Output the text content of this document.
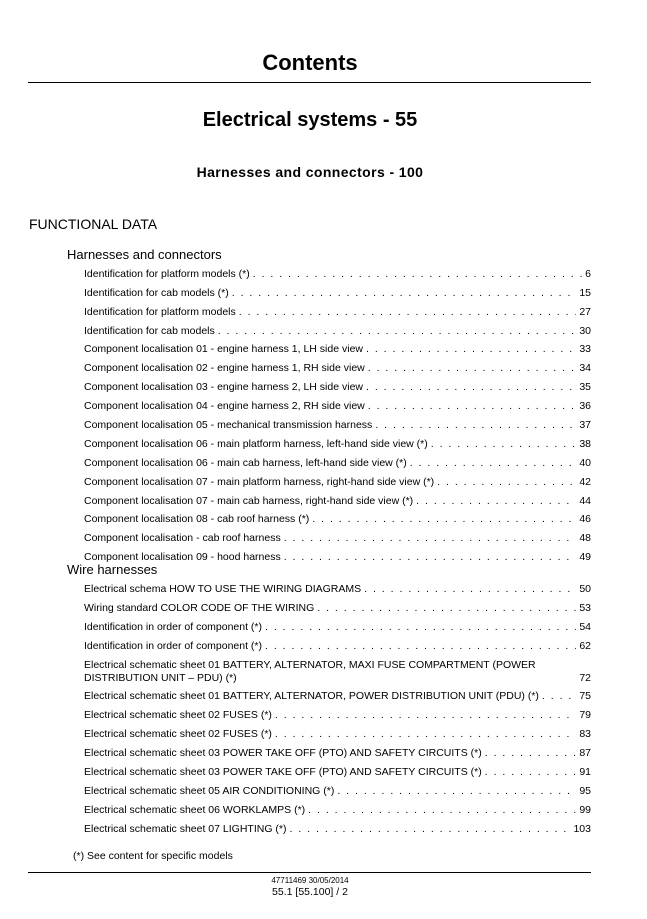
Contents
Electrical systems - 55
Harnesses and connectors - 100
FUNCTIONAL DATA
Harnesses and connectors
Identification for platform models (*) . . .	6
Identification for cab models (*) . . .	15
Identification for platform models . . .	27
Identification for cab models . . .	30
Component localisation 01 - engine harness 1, LH side view . . .	33
Component localisation 02 - engine harness 1, RH side view . . .	34
Component localisation 03 - engine harness 2, LH side view . . .	35
Component localisation 04 - engine harness 2, RH side view . . .	36
Component localisation 05 - mechanical transmission harness . . .	37
Component localisation 06 - main platform harness, left-hand side view (*) . . .	38
Component localisation 06 - main cab harness, left-hand side view (*) . . .	40
Component localisation 07 - main platform harness, right-hand side view (*) . . .	42
Component localisation 07 - main cab harness, right-hand side view (*) . . .	44
Component localisation 08 - cab roof harness (*) . . .	46
Component localisation - cab roof harness . . .	48
Component localisation 09 - hood harness . . .	49
Wire harnesses
Electrical schema HOW TO USE THE WIRING DIAGRAMS . . .	50
Wiring standard COLOR CODE OF THE WIRING . . .	53
Identification in order of component (*) . . .	54
Identification in order of component (*) . . .	62
Electrical schematic sheet 01 BATTERY, ALTERNATOR, MAXI FUSE COMPARTMENT (POWER DISTRIBUTION UNIT – PDU) (*)	72
Electrical schematic sheet 01 BATTERY, ALTERNATOR, POWER DISTRIBUTION UNIT (PDU) (*) . . .	75
Electrical schematic sheet 02 FUSES (*) . . .	79
Electrical schematic sheet 02 FUSES (*) . . .	83
Electrical schematic sheet 03 POWER TAKE OFF (PTO) AND SAFETY CIRCUITS (*) . . .	87
Electrical schematic sheet 03 POWER TAKE OFF (PTO) AND SAFETY CIRCUITS (*) . . .	91
Electrical schematic sheet 05 AIR CONDITIONING (*) . . .	95
Electrical schematic sheet 06 WORKLAMPS (*) . . .	99
Electrical schematic sheet 07 LIGHTING (*) . . .	103
(*) See content for specific models
47711469 30/05/2014
55.1 [55.100] / 2
